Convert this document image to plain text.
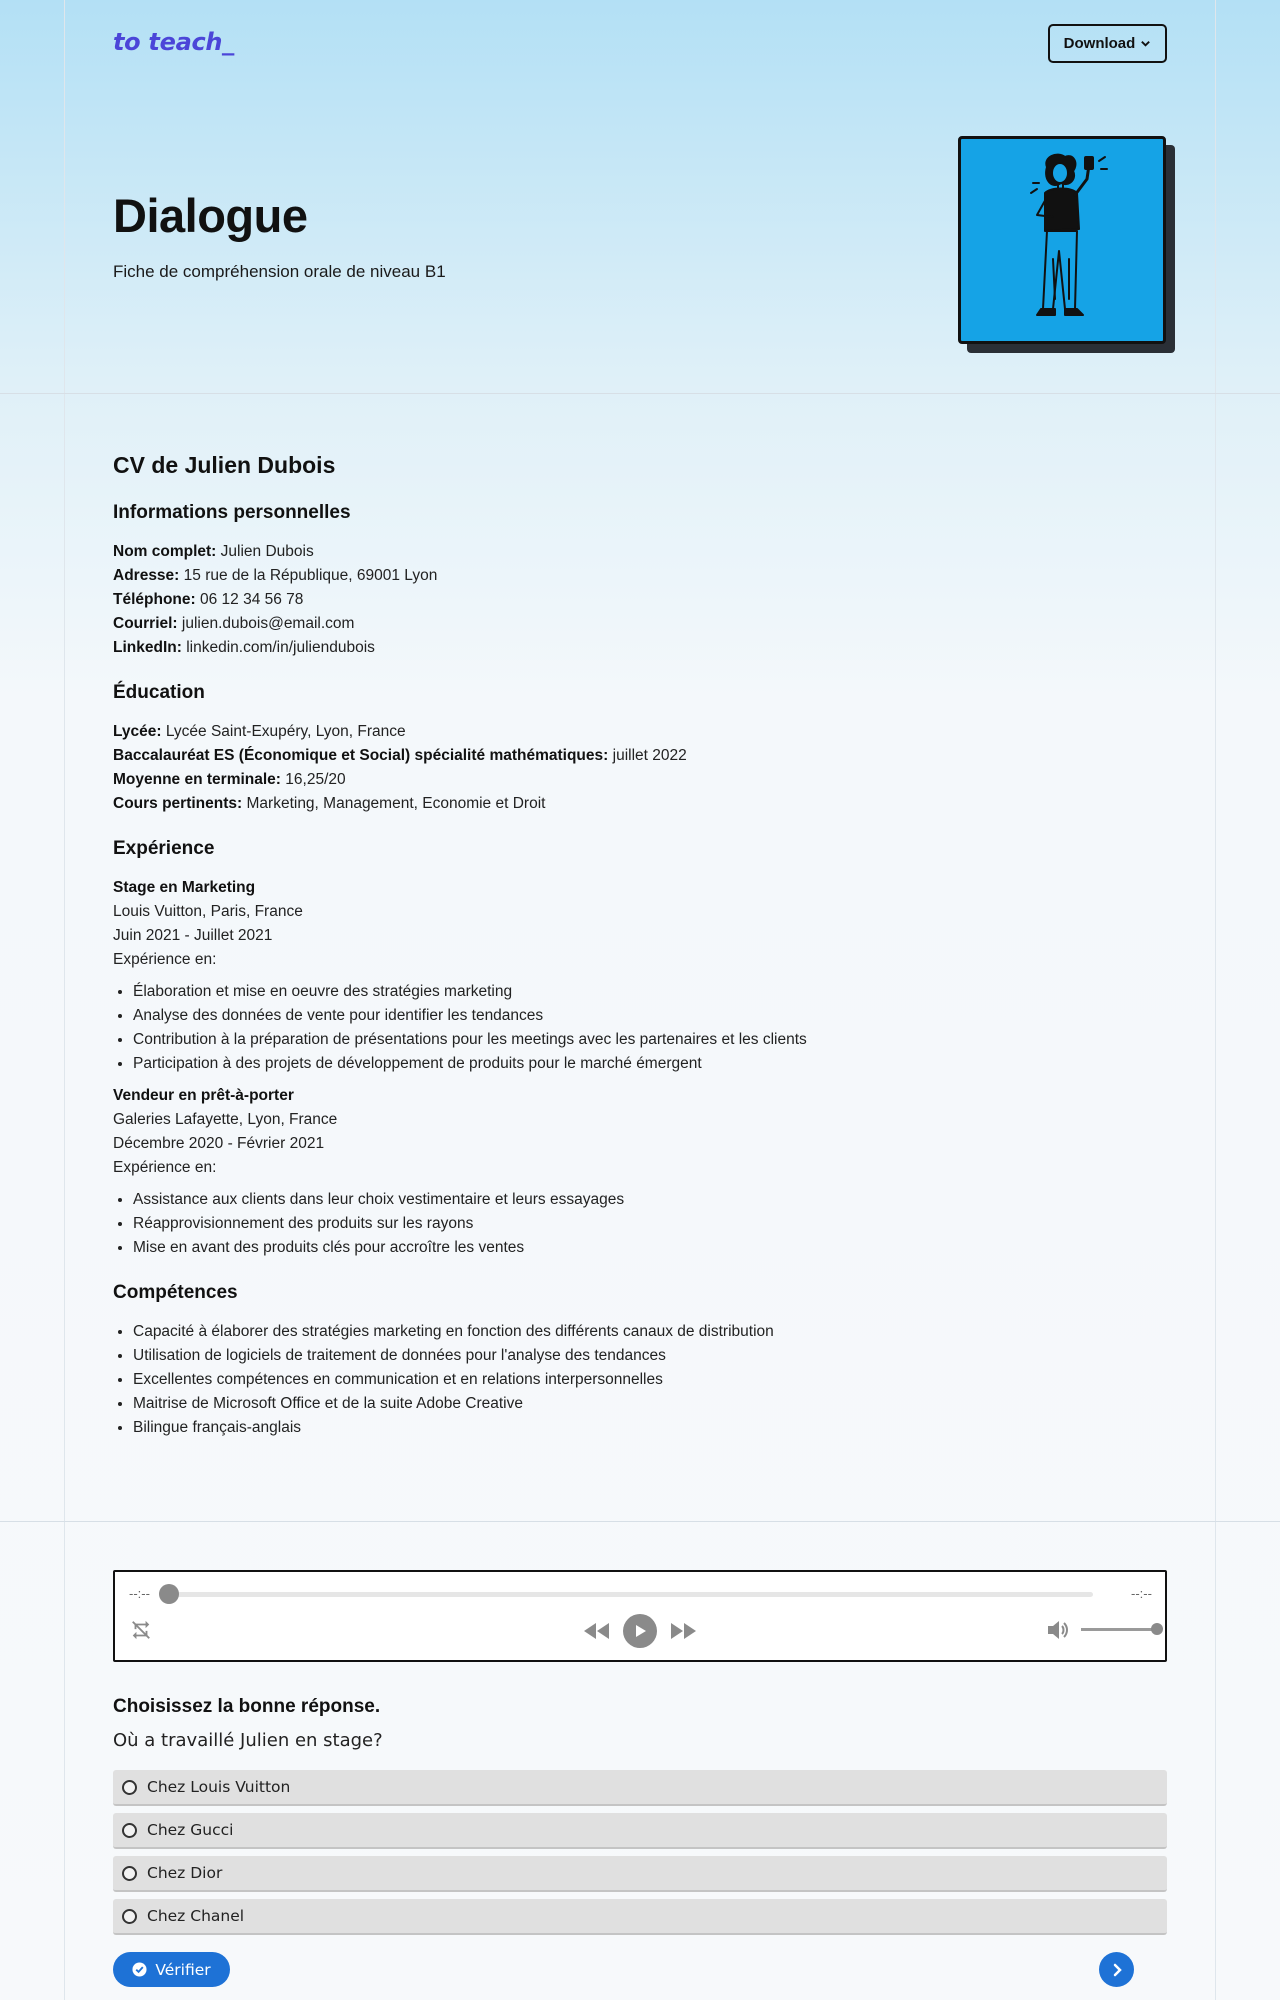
to teach_	Download
Dialogue

Fiche de compréhension orale de niveau B1

CV de Julien Dubois
Informations personnelles
Nom complet: Julien Dubois
Adresse: 15 rue de la République, 69001 Lyon
Téléphone: 06 12 34 56 78
Courriel: julien.dubois@email.com
LinkedIn: linkedin.com/in/juliendubois
Éducation
Lycée: Lycée Saint-Exupéry, Lyon, France
Baccalauréat ES (Économique et Social) spécialité mathématiques: juillet 2022
Moyenne en terminale: 16,25/20
Cours pertinents: Marketing, Management, Economie et Droit
Expérience
Stage en Marketing
Louis Vuitton, Paris, France
Juin 2021 - Juillet 2021
Expérience en:
• Élaboration et mise en oeuvre des stratégies marketing
• Analyse des données de vente pour identifier les tendances
• Contribution à la préparation de présentations pour les meetings avec les partenaires et les clients
• Participation à des projets de développement de produits pour le marché émergent
Vendeur en prêt-à-porter
Galeries Lafayette, Lyon, France
Décembre 2020 - Février 2021
Expérience en:
• Assistance aux clients dans leur choix vestimentaire et leurs essayages
• Réapprovisionnement des produits sur les rayons
• Mise en avant des produits clés pour accroître les ventes
Compétences
• Capacité à élaborer des stratégies marketing en fonction des différents canaux de distribution
• Utilisation de logiciels de traitement de données pour l'analyse des tendances
• Excellentes compétences en communication et en relations interpersonnelles
• Maitrise de Microsoft Office et de la suite Adobe Creative
• Bilingue français-anglais
--:--	--:--
Choisissez la bonne réponse.
Où a travaillé Julien en stage?
Chez Louis Vuitton
Chez Gucci
Chez Dior
Chez Chanel
Vérifier
